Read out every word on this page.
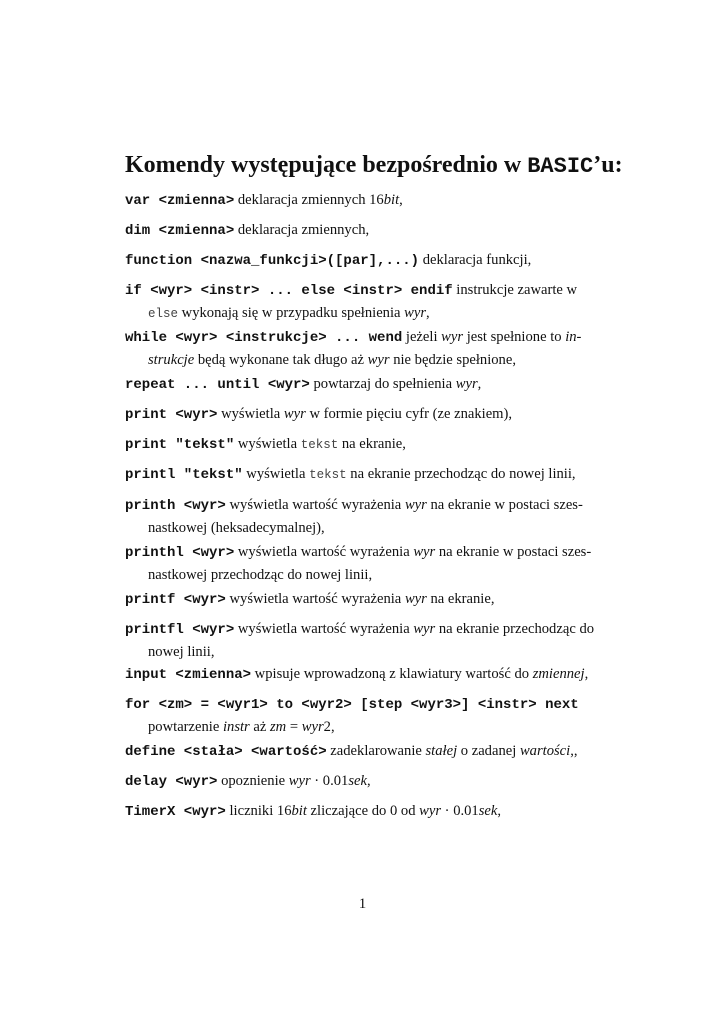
Komendy występujące bezpośrednio w BASIC’u:
var <zmienna> deklaracja zmiennych 16bit,
dim <zmienna> deklaracja zmiennych,
function <nazwa_funkcji>([par],...) deklaracja funkcji,
if <wyr> <instr> ... else <instr> endif instrukcje zawarte w
else wykonają się w przypadku spełnienia wyr,
while <wyr> <instrukcje> ... wend jeżeli wyr jest spełnione to in-
strukcje będą wykonane tak długo aż wyr nie będzie spełnione,
repeat ... until <wyr> powtarzaj do spełnienia wyr,
print <wyr> wyświetla wyr w formie pięciu cyfr (ze znakiem),
print "tekst" wyświetla tekst na ekranie,
printl "tekst" wyświetla tekst na ekranie przechodząc do nowej linii,
printh <wyr> wyświetla wartość wyrażenia wyr na ekranie w postaci szes-
nastkowej (heksadecymalnej),
printhl <wyr> wyświetla wartość wyrażenia wyr na ekranie w postaci szes-
nastkowej przechodząc do nowej linii,
printf <wyr> wyświetla wartość wyrażenia wyr na ekranie,
printfl <wyr> wyświetla wartość wyrażenia wyr na ekranie przechodząc do
nowej linii,
input <zmienna> wpisuje wprowadzoną z klawiatury wartość do zmiennej,
for <zm> = <wyr1> to <wyr2> [step <wyr3>] <instr> next
powtarzenie instr aż zm = wyr2,
define <stała> <wartość> zadeklarowanie stałej o zadanej wartości,,
delay <wyr> opoznienie wyr · 0.01sek,
TimerX <wyr> liczniki 16bit zliczające do 0 od wyr · 0.01sek,
1
